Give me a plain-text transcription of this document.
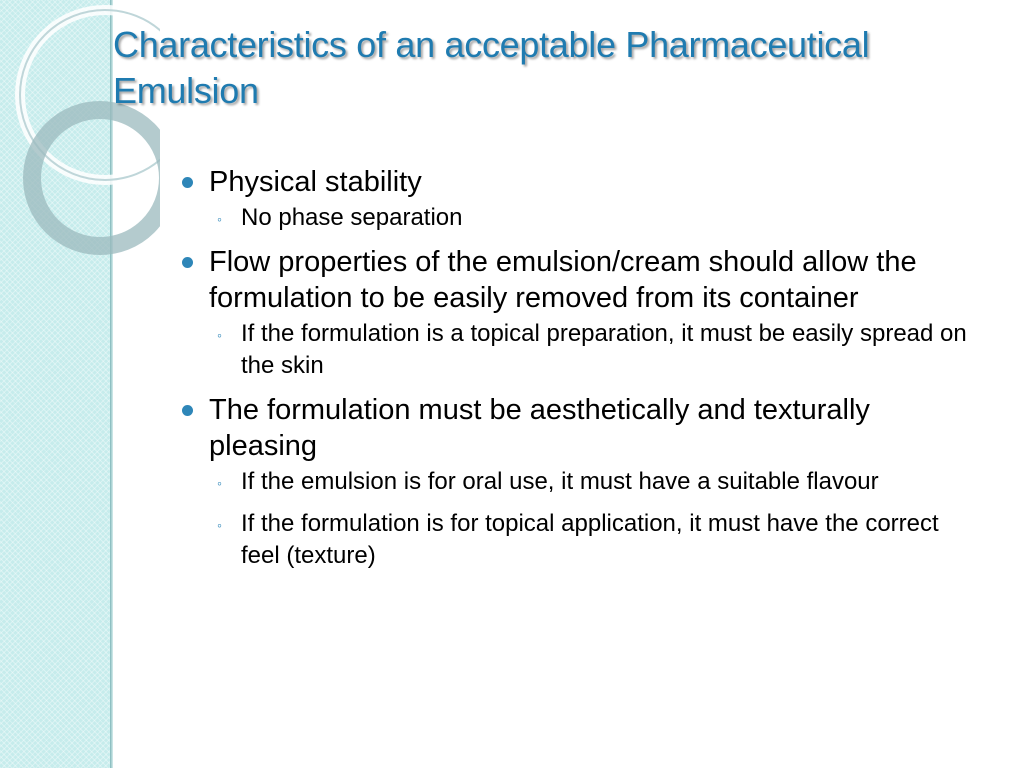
Characteristics of an acceptable Pharmaceutical Emulsion
Physical stability
◦ No phase separation
Flow properties of the emulsion/cream should allow the formulation to be easily removed from its container
◦ If the formulation is a topical preparation, it must be easily spread on the skin
The formulation must be aesthetically and texturally pleasing
◦ If the emulsion is for oral use, it must have a suitable flavour
◦ If the formulation is for topical application, it must have the correct feel (texture)
